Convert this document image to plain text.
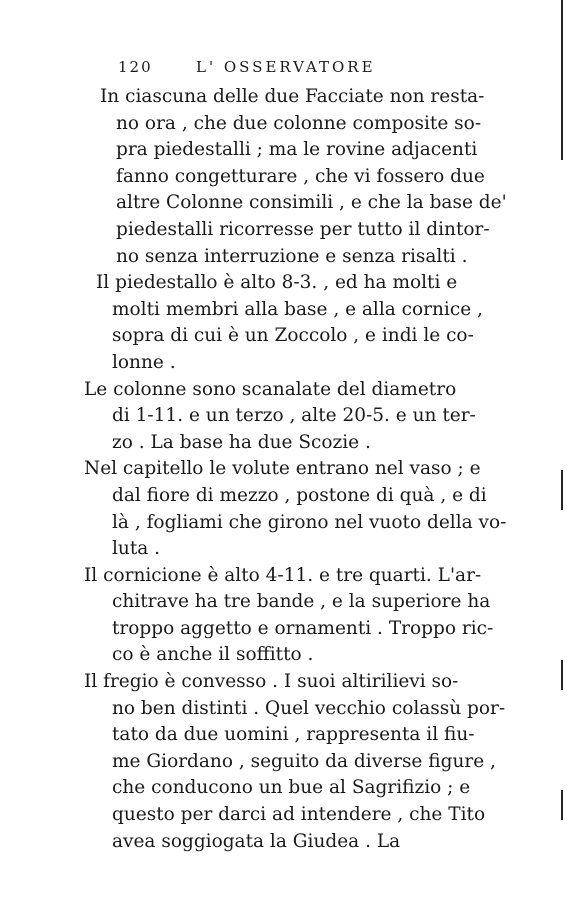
120	L' OSSERVATORE

In ciascuna delle due Facciate non resta-
no ora , che due colonne composite so-
pra piedestalli ; ma le rovine adjacenti
fanno congetturare , che vi fossero due
altre Colonne consimili , e che la base de'
piedestalli ricorresse per tutto il dintor-
no senza interruzione e senza risalti .

Il piedestallo è alto 8-3. , ed ha molti e
molti membri alla base , e alla cornice ,
sopra di cui è un Zoccolo , e indi le co-
lonne .

Le colonne sono scanalate del diametro
di 1-11. e un terzo , alte 20-5. e un ter-
zo . La base ha due Scozie .

Nel capitello le volute entrano nel vaso ; e
dal fiore di mezzo , postone di quà , e di
là , fogliami che girono nel vuoto della vo-
luta .

Il cornicione è alto 4-11. e tre quarti. L'ar-
chitrave ha tre bande , e la superiore ha
troppo aggetto e ornamenti . Troppo ric-
co è anche il soffitto .

Il fregio è convesso . I suoi altirilievi so-
no ben distinti . Quel vecchio colassù por-
tato da due uomini , rappresenta il fiu-
me Giordano , seguito da diverse figure ,
che conducono un bue al Sagrifizio ; e
questo per darci ad intendere , che Tito
avea soggiogata la Giudea . La
